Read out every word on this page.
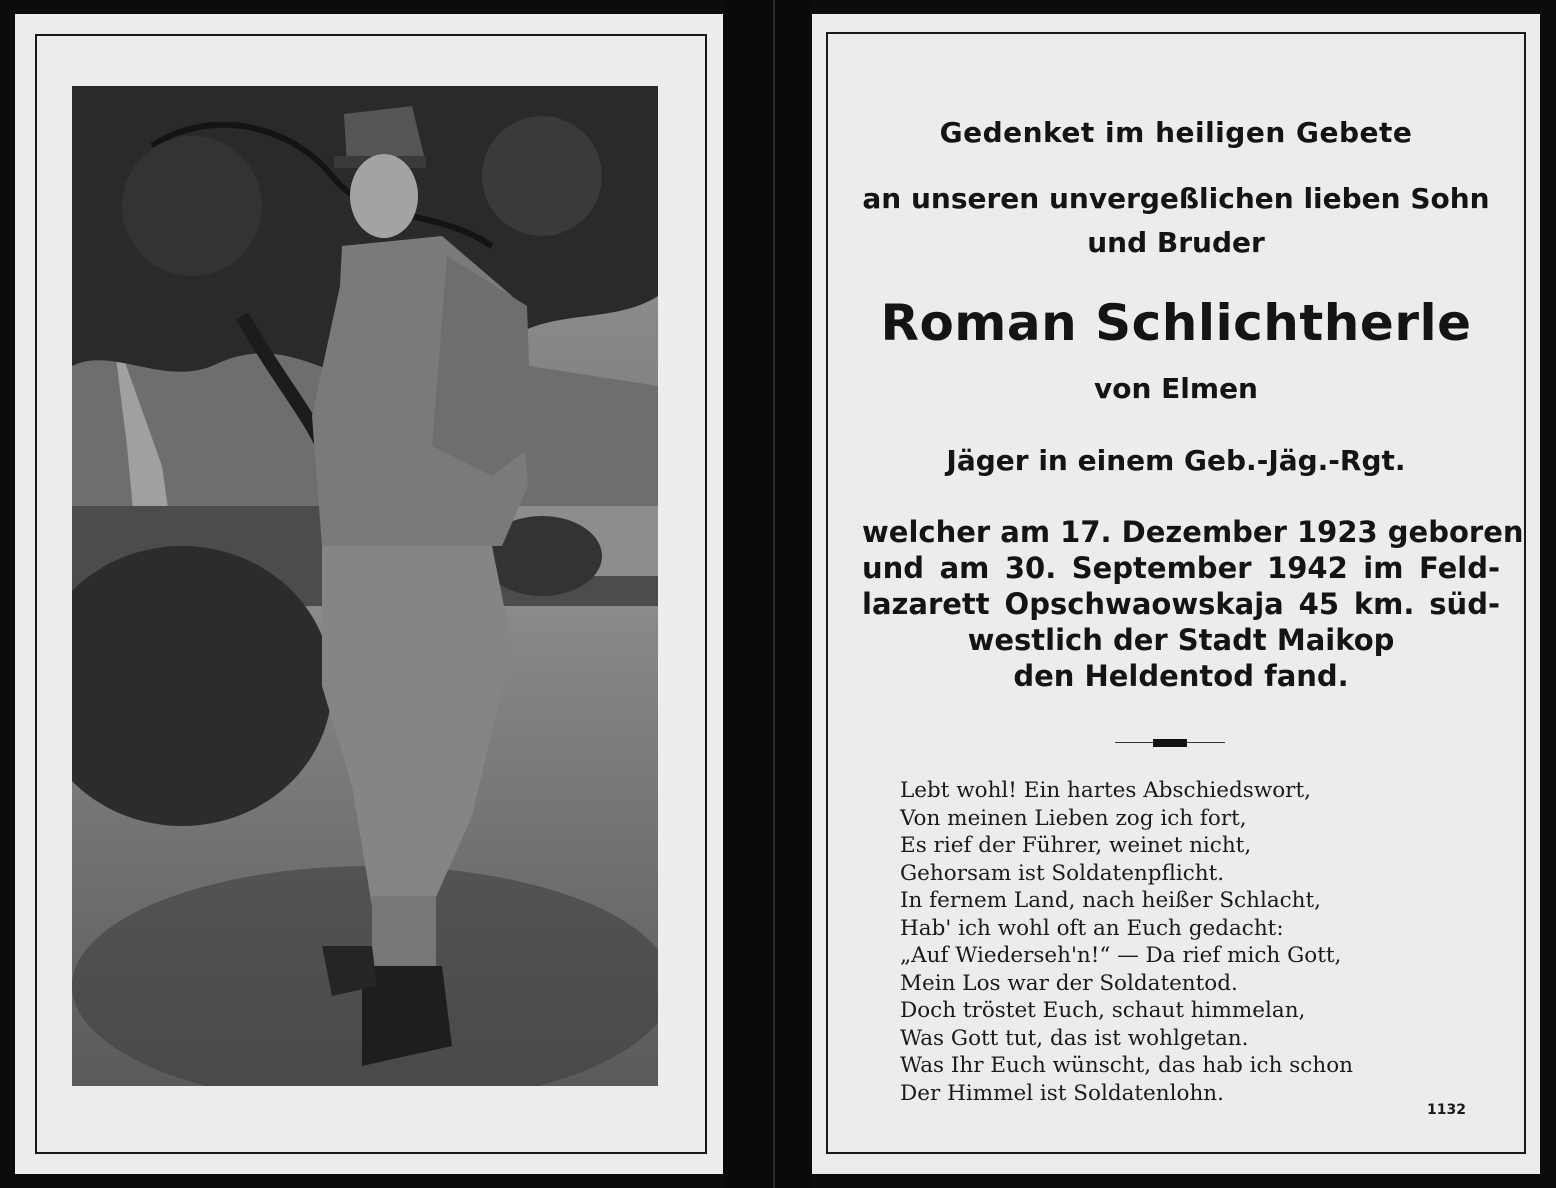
Gedenket im heiligen Gebete
an unseren unvergeßlichen lieben Sohn
und Bruder
Roman Schlichtherle
von Elmen
Jäger in einem Geb.-Jäg.-Rgt.
welcher am 17. Dezember 1923 geboren
und am 30. September 1942 im Feld-
lazarett Opschwaowskaja 45 km. süd-
westlich der Stadt Maikop
den Heldentod fand.
Lebt wohl! Ein hartes Abschiedswort,
Von meinen Lieben zog ich fort,
Es rief der Führer, weinet nicht,
Gehorsam ist Soldatenpflicht.
In fernem Land, nach heißer Schlacht,
Hab' ich wohl oft an Euch gedacht:
„Auf Wiederseh'n!“ — Da rief mich Gott,
Mein Los war der Soldatentod.
Doch tröstet Euch, schaut himmelan,
Was Gott tut, das ist wohlgetan.
Was Ihr Euch wünscht, das hab ich schon
Der Himmel ist Soldatenlohn.
1132
